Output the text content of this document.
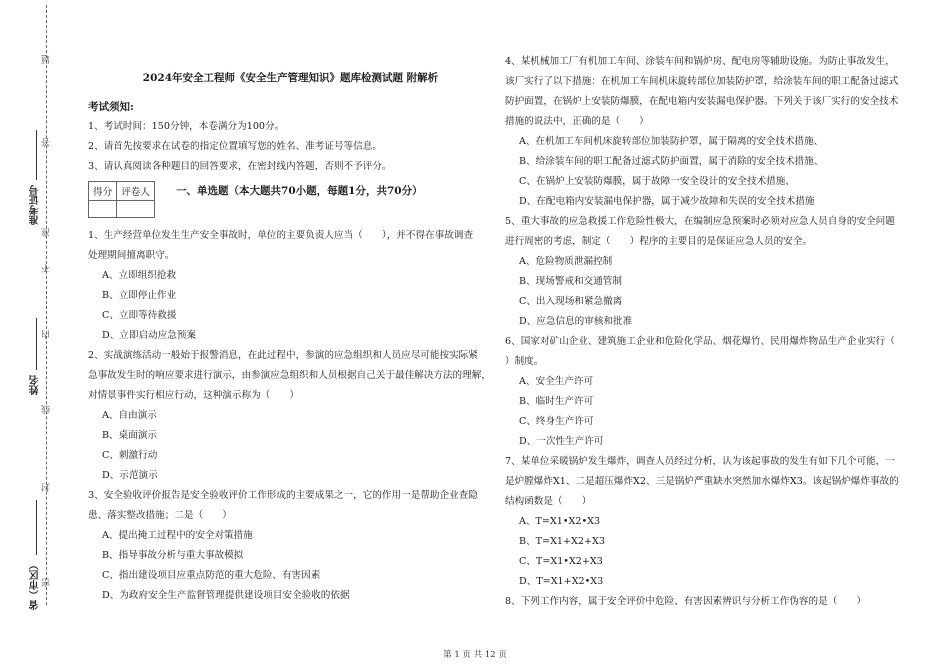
准考证号
姓名
省（市区）
题
答
准
不
内
线
封
密
2024年安全工程师《安全生产管理知识》题库检测试题 附解析
考试须知:

1、考试时间：150分钟，本卷满分为100分。

2、请首先按要求在试卷的指定位置填写您的姓名、准考证号等信息。

3、请认真阅读各种题目的回答要求，在密封线内答题，否则不予评分。

得分	评卷人
	$^{一、单选题(本大题共70小题,每题1分,共70分)}$

1、生产经营单位发生生产安全事故时，单位的主要负责人应当（　　），并不得在事故调查

处理期间擅离职守。

A、立即组织抢救

B、立即停止作业

C、立即等待救援

D、立即启动应急预案

2、实战演练活动一般始于报警消息，在此过程中，参演的应急组织和人员应尽可能按实际紧

急事故发生时的响应要求进行演示，由参演应急组织和人员根据自己关于最佳解决方法的理解，

对情景事件实行相应行动，这种演示称为（　　）

A、自由演示

B、桌面演示

C、刺激行动

D、示范演示

3、安全验收评价报告是安全验收评价工作形成的主要成果之一，它的作用一是帮助企业查隐

患、落实整改措施；二是（　　）

A、提出掩工过程中的安全对策措施

B、指导事故分析与重大事故模拟

C、指出建设项目应重点防范的重大危险、有害因素

D、为政府安全生产监督管理提供建设项目安全验收的依据

4、某机械加工厂有机加工车间、涂装车间和锅炉房、配电房等辅助设施。为防止事故发生，

该厂实行了以下措施：在机加工车间机床旋转部位加装防护罩，给涂装车间的职工配备过滤式

防护面置，在锅炉上安装防爆膜，在配电箱内安装漏电保护器。下列关于该厂实行的安全技术

措施的说法中，正确的是（　　）

A、在机加工车间机床旋转部位加装防护罩，属于隔离的安全技术措施、

B、给涂装车间的职工配备过滤式防护面置，属于消除的安全技术措施、

C、在锅炉上安装防爆膜，属于故障一安全设计的安全技术措施、

D、在配电箱内安装漏电保护器，属于减少故障和失误的安全技术措施

5、重大事故的应急救援工作危险性极大，在编制应急预案时必须对应急人员自身的安全问题

进行周密的考虑，制定（　　）程序的主要目的是保证应急人员的安全。

A、危险物质泄漏控制

B、现场警戒和交通管制

C、出入现场和紧急撤离

D、应急信息的审核和批准

6、国家对矿山企业、建筑施工企业和危险化学品、烟花爆竹、民用爆炸物品生产企业实行（

）制度。

A、安全生产许可

B、临时生产许可

C、终身生产许可

D、一次性生产许可

7、某单位采暖锅炉发生爆炸，调查人员经过分析，认为该起事故的发生有如下几个可能，一

是炉膛爆炸X1、二是超压爆炸X2、三是锅炉严重缺水突然加水爆炸X3。该起锅炉爆炸事故的

结构函数是（　　）

A、T=X1•X2•X3

B、T=X1+X2+X3

C、T=X1•X2+X3

D、T=X1+X2•X3

8、下列工作内容，属于安全评价中危险、有害因素辨识与分析工作伪容的是（　　）

第 1 页 共 12 页
